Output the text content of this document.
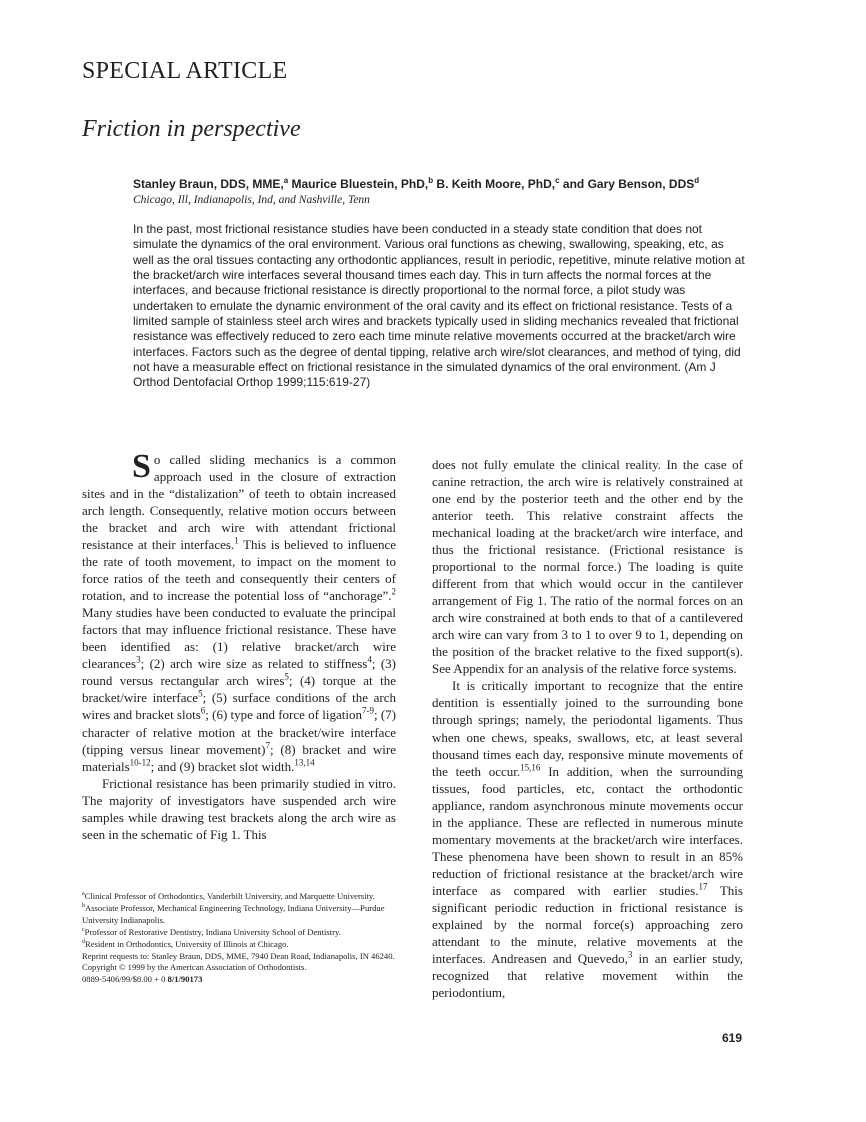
SPECIAL ARTICLE
Friction in perspective
Stanley Braun, DDS, MME,$^a$ Maurice Bluestein, PhD,$^b$ B. Keith Moore, PhD,$^c$ and Gary Benson, DDS$^d$
Chicago, Ill, Indianapolis, Ind, and Nashville, Tenn
In the past, most frictional resistance studies have been conducted in a steady state condition that does not simulate the dynamics of the oral environment. Various oral functions as chewing, swallowing, speaking, etc, as well as the oral tissues contacting any orthodontic appliances, result in periodic, repetitive, minute relative motion at the bracket/arch wire interfaces several thousand times each day. This in turn affects the normal forces at the interfaces, and because frictional resistance is directly proportional to the normal force, a pilot study was undertaken to emulate the dynamic environment of the oral cavity and its effect on frictional resistance. Tests of a limited sample of stainless steel arch wires and brackets typically used in sliding mechanics revealed that frictional resistance was effectively reduced to zero each time minute relative movements occurred at the bracket/arch wire interfaces. Factors such as the degree of dental tipping, relative arch wire/slot clearances, and method of tying, did not have a measurable effect on frictional resistance in the simulated dynamics of the oral environment. (Am J Orthod Dentofacial Orthop 1999;115:619-27)

So called sliding mechanics is a common approach used in the closure of extraction sites and in the “distalization” of teeth to obtain increased arch length. Consequently, relative motion occurs between the bracket and arch wire with attendant frictional resistance at their interfaces.$^1$ This is believed to influence the rate of tooth movement, to impact on the moment to force ratios of the teeth and consequently their centers of rotation, and to increase the potential loss of “anchorage”.$^2$ Many studies have been conducted to evaluate the principal factors that may influence frictional resistance. These have been identified as: (1) relative bracket/arch wire clearances$^3$; (2) arch wire size as related to stiffness$^4$; (3) round versus rectangular arch wires$^5$; (4) torque at the bracket/wire interface$^5$; (5) surface conditions of the arch wires and bracket slots$^6$; (6) type and force of ligation$^{7-9}$; (7) character of relative motion at the bracket/wire interface (tipping versus linear movement)$^7$; (8) bracket and wire materials$^{10-12}$; and (9) bracket slot width.$^{13,14}$

Frictional resistance has been primarily studied in vitro. The majority of investigators have suspended arch wire samples while drawing test brackets along the arch wire as seen in the schematic of Fig 1. This

does not fully emulate the clinical reality. In the case of canine retraction, the arch wire is relatively constrained at one end by the posterior teeth and the other end by the anterior teeth. This relative constraint affects the mechanical loading at the bracket/arch wire interface, and thus the frictional resistance. (Frictional resistance is proportional to the normal force.) The loading is quite different from that which would occur in the cantilever arrangement of Fig 1. The ratio of the normal forces on an arch wire constrained at both ends to that of a cantilevered arch wire can vary from 3 to 1 to over 9 to 1, depending on the position of the bracket relative to the fixed support(s). See Appendix for an analysis of the relative force systems.

It is critically important to recognize that the entire dentition is essentially joined to the surrounding bone through springs; namely, the periodontal ligaments. Thus when one chews, speaks, swallows, etc, at least several thousand times each day, responsive minute movements of the teeth occur.$^{15,16}$ In addition, when the surrounding tissues, food particles, etc, contact the orthodontic appliance, random asynchronous minute movements occur in the appliance. These are reflected in numerous minute momentary movements at the bracket/arch wire interfaces. These phenomena have been shown to result in an 85% reduction of frictional resistance at the bracket/arch wire interface as compared with earlier studies.$^{17}$ This significant periodic reduction in frictional resistance is explained by the normal force(s) approaching zero attendant to the minute, relative movements at the interfaces. Andreasen and Quevedo,$^3$ in an earlier study, recognized that relative movement within the periodontium,

$^a$Clinical Professor of Orthodontics, Vanderbilt University, and Marquette University.
$^b$Associate Professor, Mechanical Engineering Technology, Indiana University—Purdue University Indianapolis.
$^c$Professor of Restorative Dentistry, Indiana University School of Dentistry.
$^d$Resident in Orthodontics, University of Illinois at Chicago.
Reprint requests to: Stanley Braun, DDS, MME, 7940 Dean Road, Indianapolis, IN 46240.
Copyright © 1999 by the American Association of Orthodontists.
0889-5406/99/$8.00 + 0 8/1/90173
619
